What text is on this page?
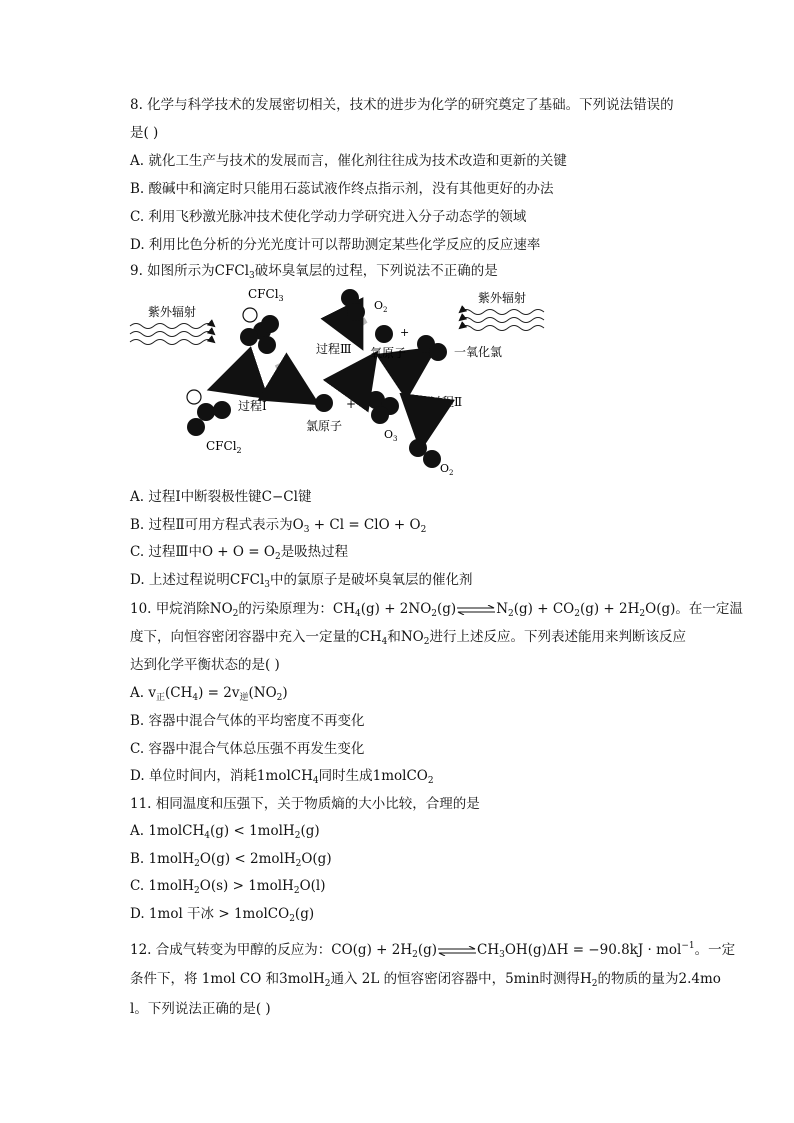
8. 化学与科学技术的发展密切相关，技术的进步为化学的研究奠定了基础。下列说法错误的
是( )
A. 就化工生产与技术的发展而言，催化剂往往成为技术改造和更新的关键
B. 酸碱中和滴定时只能用石蕊试液作终点指示剂，没有其他更好的办法
C. 利用飞秒激光脉冲技术使化学动力学研究进入分子动态学的领域
D. 利用比色分析的分光光度计可以帮助测定某些化学反应的反应速率
9. 如图所示为CFCl$_3$破坏臭氧层的过程，下列说法不正确的是
紫外辐射
CFCl$_3$
CFCl$_2$
过程Ⅰ
氯原子
+
$O_3$
过程Ⅱ
$O_2$
过程Ⅲ
$O_2$
氧原子
+
一氧化氯
紫外辐射
A. 过程Ⅰ中断裂极性键C−Cl键
B. 过程Ⅱ可用方程式表示为$O_3 + Cl$ = ClO + $O_2$
C. 过程Ⅲ中$O + O = O_2$是吸热过程
D. 上述过程说明CFCl$_3$中的氯原子是破坏臭氧层的催化剂
10. 甲烷消除$NO_2$的污染原理为：$CH_4(g)$ + $2NO_2(g)\rightleftharpoons N_2(g) + CO_2(g) + 2H_2O(g)$。在一定温
度下，向恒容密闭容器中充入一定量的$CH_4$和$NO_2$进行上述反应。下列表述能用来判断该反应
达到化学平衡状态的是( )
A. $v_正(CH_4) = 2v_逆(NO_2)$
B. 容器中混合气体的平均密度不再变化
C. 容器中混合气体总压强不再发生变化
D. 单位时间内，消耗1molCH$_4$同时生成1molCO$_2$
11. 相同温度和压强下，关于物质熵的大小比较，合理的是
A. 1molCH$_4$(g) < 1molH$_2$(g)
B. 1molH$_2$O(g) < 2molH$_2$O(g)
C. 1molH$_2$O(s) > 1molH$_2$O(l)
D. 1mol 干冰 > 1molCO$_2$(g)
12. 合成气转变为甲醇的反应为：$CO(g) + 2H_2(g)\rightleftharpoons CH_3OH(g)\Delta H = -90.8kJ \cdot mol^{-1}$。一定
条件下，将 1mol CO 和3molH$_2$通入 2L 的恒容密闭容器中，5min时测得$H_2$的物质的量为2.4mo
l。下列说法正确的是( )
